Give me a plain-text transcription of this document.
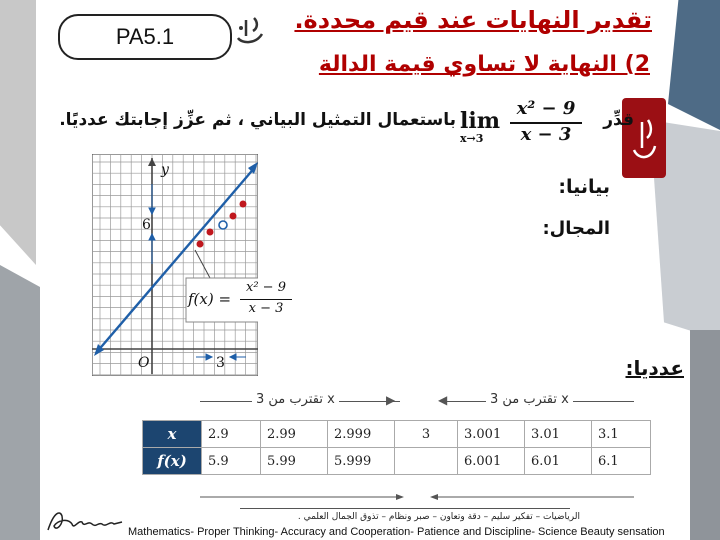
PA5.1
تقدير النهايات عند قيم محددة.
2) النهاية لا تساوي قيمة الدالة
قدِّر
lim
x→3
x² − 9
x − 3
باستعمال التمثيل البياني ، ثم عزِّز إجابتك عدديًا.
y
O
6
3
f(x) =
x² − 9
x − 3
بيانيا:
المجال:
عدديا:
▶
x تقترب من 3	◀	x تقترب من 3
x	2.9	2.99	2.999	3	3.001	3.01	3.1
f(x)	5.9	5.99	5.999		6.001	6.01	6.1
الرياضيات – تفكير سليم – دقة وتعاون – صبر ونظام – تذوق الجمال العلمي .
Mathematics- Proper Thinking- Accuracy and Cooperation- Patience and Discipline- Science Beauty sensation
